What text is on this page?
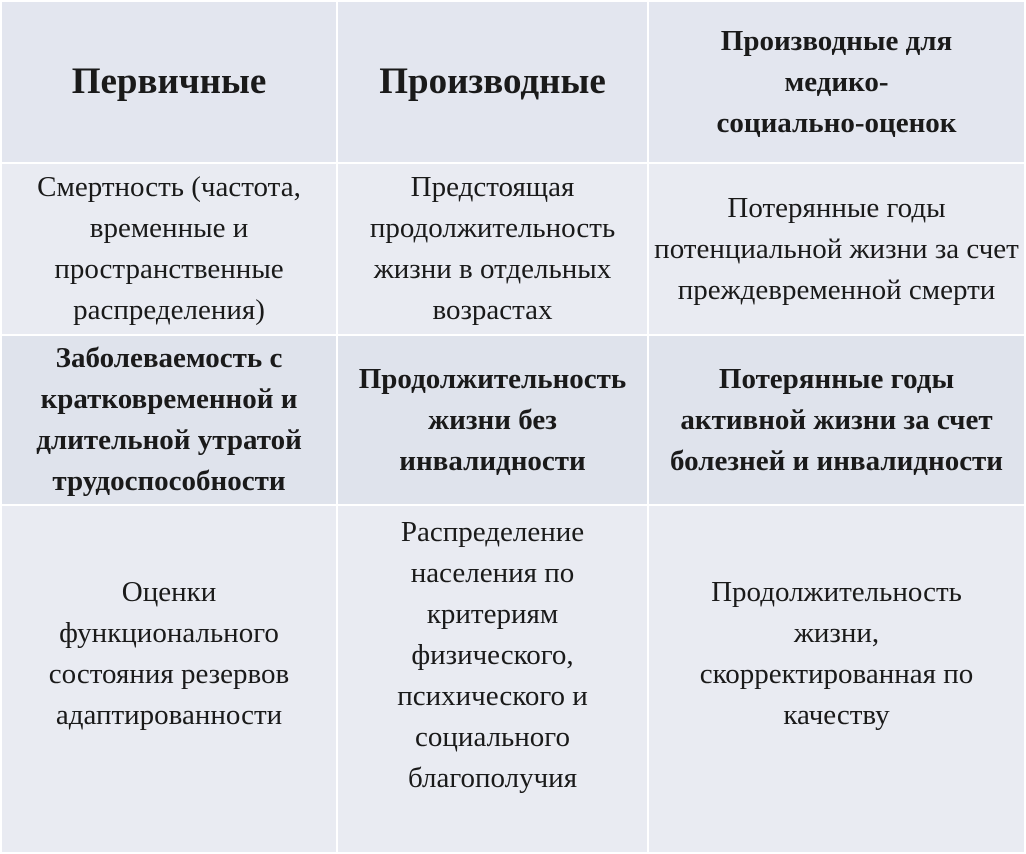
Первичные	Производные	Производные для медико-социально-оценок

Смертность (частота, временные и пространственные распределения)	Предстоящая продолжительность жизни в отдельных возрастах	Потерянные годы потенциальной жизни за счет преждевременной смерти

Заболеваемость с кратковременной и длительной утратой трудоспособности	Продолжительность жизни без инвалидности	Потерянные годы активной жизни за счет болезней и инвалидности

Оценки функционального состояния резервов адаптированности	Распределение населения по критериям физического, психического и социального благополучия	Продолжительность жизни, скорректированная по качеству
